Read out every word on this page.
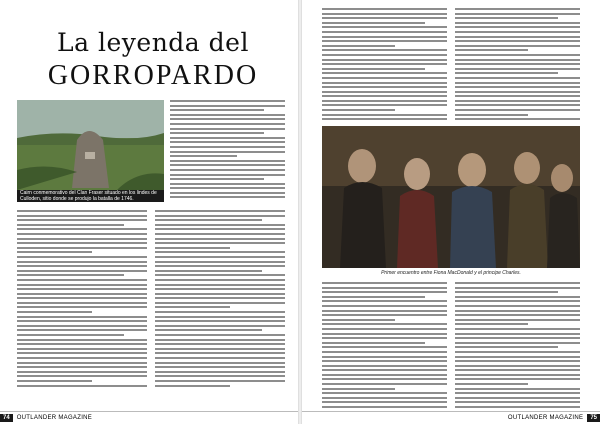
La leyenda del
GORROPARDO
Cairn conmemorativo del Clan Fraser situado en los lindes de Culloden, sitio donde se produjo la batalla de 1746.
74	OUTLANDER MAGAZINE
Primer encuentro entre Fiona MacDonald y el principe Charles.
OUTLANDER MAGAZINE	75
